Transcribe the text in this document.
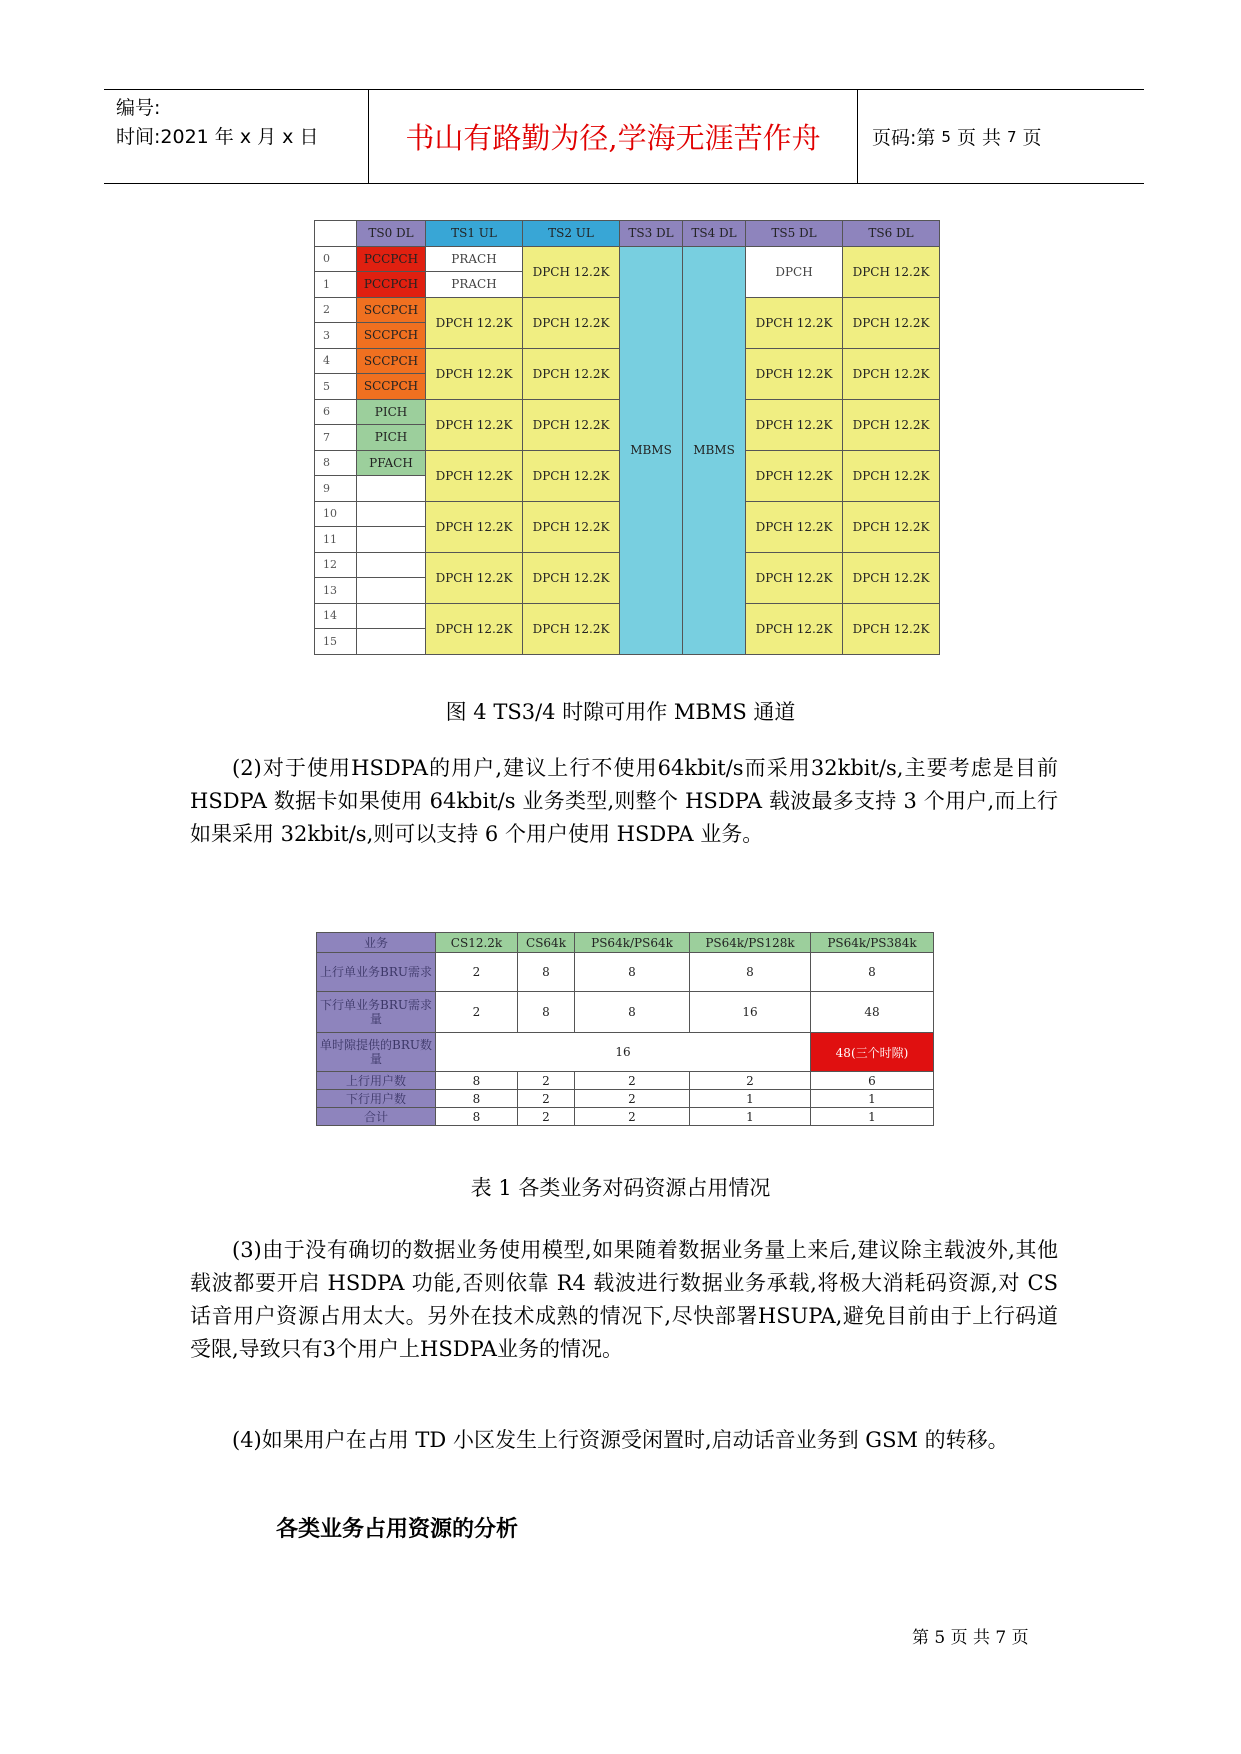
编号:
时间:2021 年 x 月 x 日	书山有路勤为径,学海无涯苦作舟	页码:第 5 页 共 7 页
	TS0 DL	TS1 UL	TS2 UL	TS3 DL	TS4 DL	TS5 DL	TS6 DL
0	PCCPCH	PRACH	DPCH 12.2K	MBMS	MBMS	DPCH	DPCH 12.2K
1	PCCPCH	PRACH					
2	SCCPCH	DPCH 12.2K	DPCH 12.2K			DPCH 12.2K	DPCH 12.2K
3	SCCPCH						
4	SCCPCH	DPCH 12.2K	DPCH 12.2K			DPCH 12.2K	DPCH 12.2K
5	SCCPCH						
6	PICH	DPCH 12.2K	DPCH 12.2K			DPCH 12.2K	DPCH 12.2K
7	PICH						
8	PFACH	DPCH 12.2K	DPCH 12.2K			DPCH 12.2K	DPCH 12.2K
9							
10		DPCH 12.2K	DPCH 12.2K			DPCH 12.2K	DPCH 12.2K
11							
12		DPCH 12.2K	DPCH 12.2K			DPCH 12.2K	DPCH 12.2K
13							
14		DPCH 12.2K	DPCH 12.2K			DPCH 12.2K	DPCH 12.2K
15							
图 4 TS3/4 时隙可用作 MBMS 通道

(2)对于使用HSDPA的用户,建议上行不使用64kbit/s而采用32kbit/s,主要考虑是目前 HSDPA 数据卡如果使用 64kbit/s 业务类型,则整个 HSDPA 载波最多支持 3 个用户,而上行如果采用 32kbit/s,则可以支持 6 个用户使用 HSDPA 业务。

业务	CS12.2k	CS64k	PS64k/PS64k	PS64k/PS128k	PS64k/PS384k
上行单业务BRU需求	2	8	8	8	8
下行单业务BRU需求量	2	8	8	16	48
单时隙提供的BRU数量	16				48(三个时隙)
上行用户数	8	2	2	2	6
下行用户数	8	2	2	1	1
合计	8	2	2	1	1
表 1 各类业务对码资源占用情况

(3)由于没有确切的数据业务使用模型,如果随着数据业务量上来后,建议除主载波外,其他载波都要开启 HSDPA 功能,否则依靠 R4 载波进行数据业务承载,将极大消耗码资源,对 CS 话音用户资源占用太大。另外在技术成熟的情况下,尽快部署HSUPA,避免目前由于上行码道受限,导致只有3个用户上HSDPA业务的情况。

(4)如果用户在占用 TD 小区发生上行资源受闲置时,启动话音业务到 GSM 的转移。

各类业务占用资源的分析
第 5 页 共 7 页
